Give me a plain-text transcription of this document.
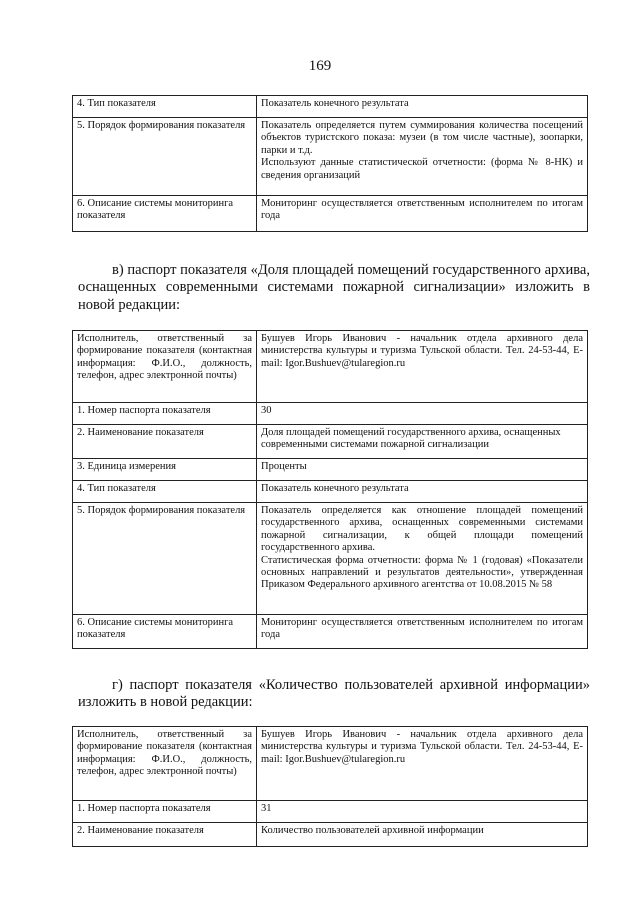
169
4. Тип показателя	Показатель конечного результата
5. Порядок формирования показателя	Показатель определяется путем суммирования количества посещений объектов туристского показа: музеи (в том числе частные), зоопарки, парки и т.д.
Используют данные статистической отчетности: (форма № 8-НК) и сведения организаций

6. Описание системы мониторинга показателя	Мониторинг осуществляется ответственным исполнителем по итогам года
в) паспорт показателя «Доля площадей помещений государственного архива, оснащенных современными системами пожарной сигнализации» изложить в новой редакции:
Исполнитель, ответственный за формирование показателя (контактная информация: Ф.И.О., должность, телефон, адрес электронной почты)	Бушуев Игорь Иванович - начальник отдела архивного дела министерства культуры и туризма Тульской области. Тел. 24-53-44, E-mail: Igor.Bushuev@tularegion.ru
1. Номер паспорта показателя	30
2. Наименование показателя	Доля площадей помещений государственного архива, оснащенных современными системами пожарной сигнализации
3. Единица измерения	Проценты
4. Тип показателя	Показатель конечного результата
5. Порядок формирования показателя	Показатель определяется как отношение площадей помещений государственного архива, оснащенных современными системами пожарной сигнализации, к общей площади помещений государственного архива.
Статистическая форма отчетности: форма № 1 (годовая) «Показатели основных направлений и результатов деятельности», утвержденная Приказом Федерального архивного агентства от 10.08.2015 № 58

6. Описание системы мониторинга показателя	Мониторинг осуществляется ответственным исполнителем по итогам года
г) паспорт показателя «Количество пользователей архивной информации» изложить в новой редакции:
Исполнитель, ответственный за формирование показателя (контактная информация: Ф.И.О., должность, телефон, адрес электронной почты)	Бушуев Игорь Иванович - начальник отдела архивного дела министерства культуры и туризма Тульской области. Тел. 24-53-44, E-mail: Igor.Bushuev@tularegion.ru
1. Номер паспорта показателя	31
2. Наименование показателя	Количество пользователей архивной информации
